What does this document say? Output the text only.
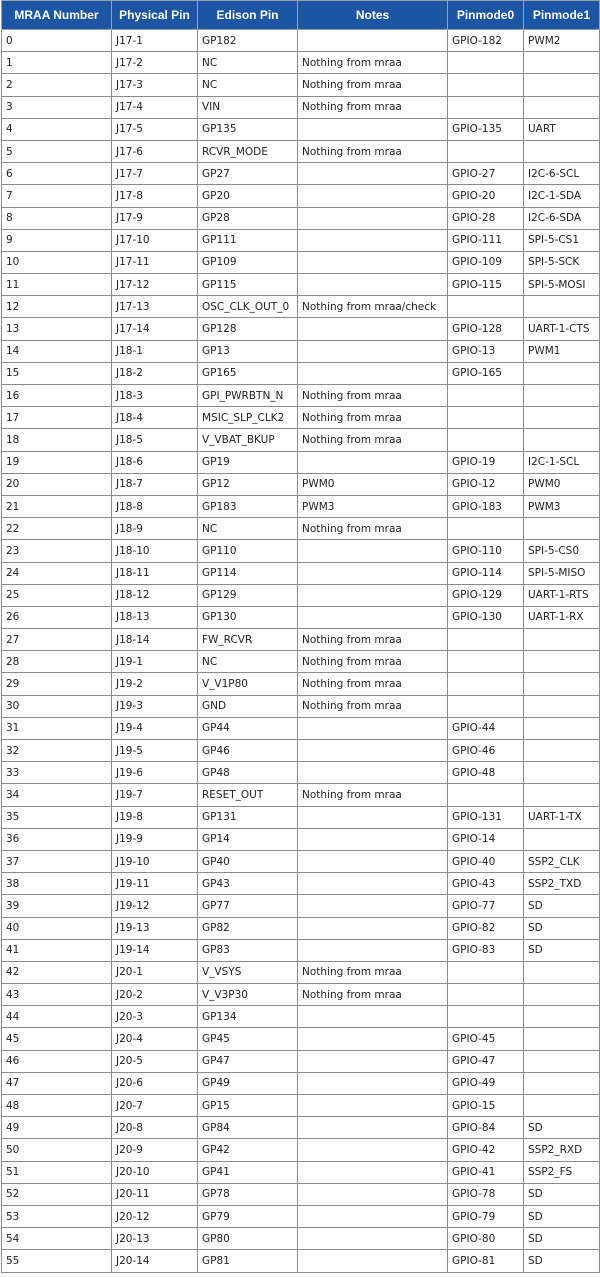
MRAA Number	Physical Pin	Edison Pin	Notes	Pinmode0	Pinmode1
0	J17-1	GP182		GPIO-182	PWM2
1	J17-2	NC	Nothing from mraa		
2	J17-3	NC	Nothing from mraa		
3	J17-4	VIN	Nothing from mraa		
4	J17-5	GP135		GPIO-135	UART
5	J17-6	RCVR_MODE	Nothing from mraa		
6	J17-7	GP27		GPIO-27	I2C-6-SCL
7	J17-8	GP20		GPIO-20	I2C-1-SDA
8	J17-9	GP28		GPIO-28	I2C-6-SDA
9	J17-10	GP111		GPIO-111	SPI-5-CS1
10	J17-11	GP109		GPIO-109	SPI-5-SCK
11	J17-12	GP115		GPIO-115	SPI-5-MOSI
12	J17-13	OSC_CLK_OUT_0	Nothing from mraa/check		
13	J17-14	GP128		GPIO-128	UART-1-CTS
14	J18-1	GP13		GPIO-13	PWM1
15	J18-2	GP165		GPIO-165	
16	J18-3	GPI_PWRBTN_N	Nothing from mraa		
17	J18-4	MSIC_SLP_CLK2	Nothing from mraa		
18	J18-5	V_VBAT_BKUP	Nothing from mraa		
19	J18-6	GP19		GPIO-19	I2C-1-SCL
20	J18-7	GP12	PWM0	GPIO-12	PWM0
21	J18-8	GP183	PWM3	GPIO-183	PWM3
22	J18-9	NC	Nothing from mraa		
23	J18-10	GP110		GPIO-110	SPI-5-CS0
24	J18-11	GP114		GPIO-114	SPI-5-MISO
25	J18-12	GP129		GPIO-129	UART-1-RTS
26	J18-13	GP130		GPIO-130	UART-1-RX
27	J18-14	FW_RCVR	Nothing from mraa		
28	J19-1	NC	Nothing from mraa		
29	J19-2	V_V1P80	Nothing from mraa		
30	J19-3	GND	Nothing from mraa		
31	J19-4	GP44		GPIO-44	
32	J19-5	GP46		GPIO-46	
33	J19-6	GP48		GPIO-48	
34	J19-7	RESET_OUT	Nothing from mraa		
35	J19-8	GP131		GPIO-131	UART-1-TX
36	J19-9	GP14		GPIO-14	
37	J19-10	GP40		GPIO-40	SSP2_CLK
38	J19-11	GP43		GPIO-43	SSP2_TXD
39	J19-12	GP77		GPIO-77	SD
40	J19-13	GP82		GPIO-82	SD
41	J19-14	GP83		GPIO-83	SD
42	J20-1	V_VSYS	Nothing from mraa		
43	J20-2	V_V3P30	Nothing from mraa		
44	J20-3	GP134			
45	J20-4	GP45		GPIO-45	
46	J20-5	GP47		GPIO-47	
47	J20-6	GP49		GPIO-49	
48	J20-7	GP15		GPIO-15	
49	J20-8	GP84		GPIO-84	SD
50	J20-9	GP42		GPIO-42	SSP2_RXD
51	J20-10	GP41		GPIO-41	SSP2_FS
52	J20-11	GP78		GPIO-78	SD
53	J20-12	GP79		GPIO-79	SD
54	J20-13	GP80		GPIO-80	SD
55	J20-14	GP81		GPIO-81	SD
